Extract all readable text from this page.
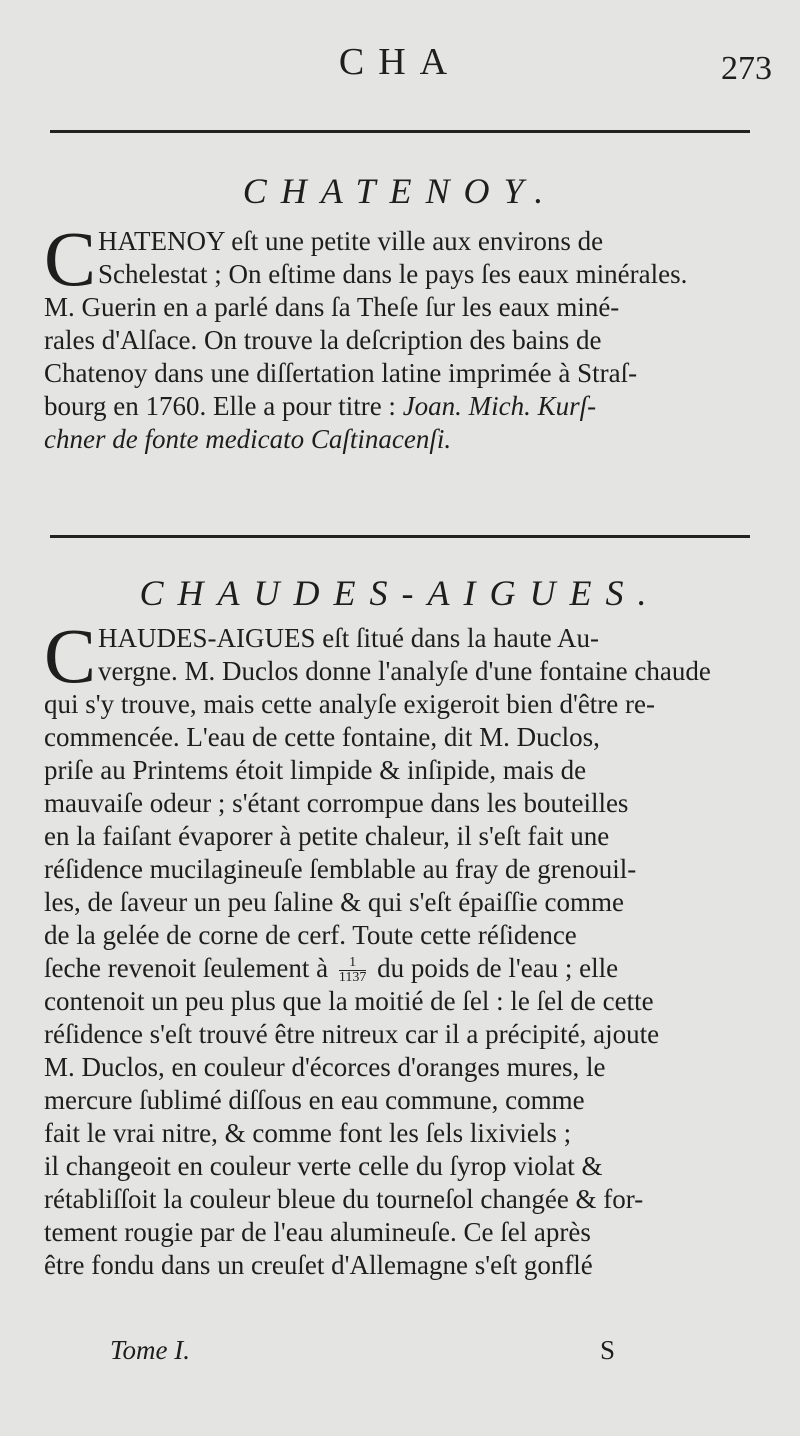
CHA	273
CHATENOY.
C HATENOY eſt une petite ville aux environs de
Schelestat ; On eſtime dans le pays ſes eaux minérales.
M. Guerin en a parlé dans ſa Theſe ſur les eaux miné-
rales d'Alſace. On trouve la deſcription des bains de
Chatenoy dans une diſſertation latine imprimée à Straſ-
bourg en 1760. Elle a pour titre : Joan. Mich. Kurſ-
chner de fonte medicato Caſtinacenſi.
CHAUDES-AIGUES.
C HAUDES-AIGUES eſt ſitué dans la haute Au-
vergne. M. Duclos donne l'analyſe d'une fontaine chaude
qui s'y trouve, mais cette analyſe exigeroit bien d'être re-
commencée. L'eau de cette fontaine, dit M. Duclos,
priſe au Printems étoit limpide & inſipide, mais de
mauvaiſe odeur ; s'étant corrompue dans les bouteilles
en la faiſant évaporer à petite chaleur, il s'eſt fait une
réſidence mucilagineuſe ſemblable au fray de grenouil-
les, de ſaveur un peu ſaline & qui s'eſt épaiſſie comme
de la gelée de corne de cerf. Toute cette réſidence
ſeche revenoit ſeulement à $\frac{1}{1137}$ du poids de l'eau ; elle
contenoit un peu plus que la moitié de ſel : le ſel de cette
réſidence s'eſt trouvé être nitreux car il a précipité, ajoute
M. Duclos, en couleur d'écorces d'oranges mures, le
mercure ſublimé diſſous en eau commune, comme
fait le vrai nitre, & comme font les ſels lixiviels ;
il changeoit en couleur verte celle du ſyrop violat &
rétabliſſoit la couleur bleue du tourneſol changée & for-
tement rougie par de l'eau alumineuſe. Ce ſel après
être fondu dans un creuſet d'Allemagne s'eſt gonflé
Tome I.	S
